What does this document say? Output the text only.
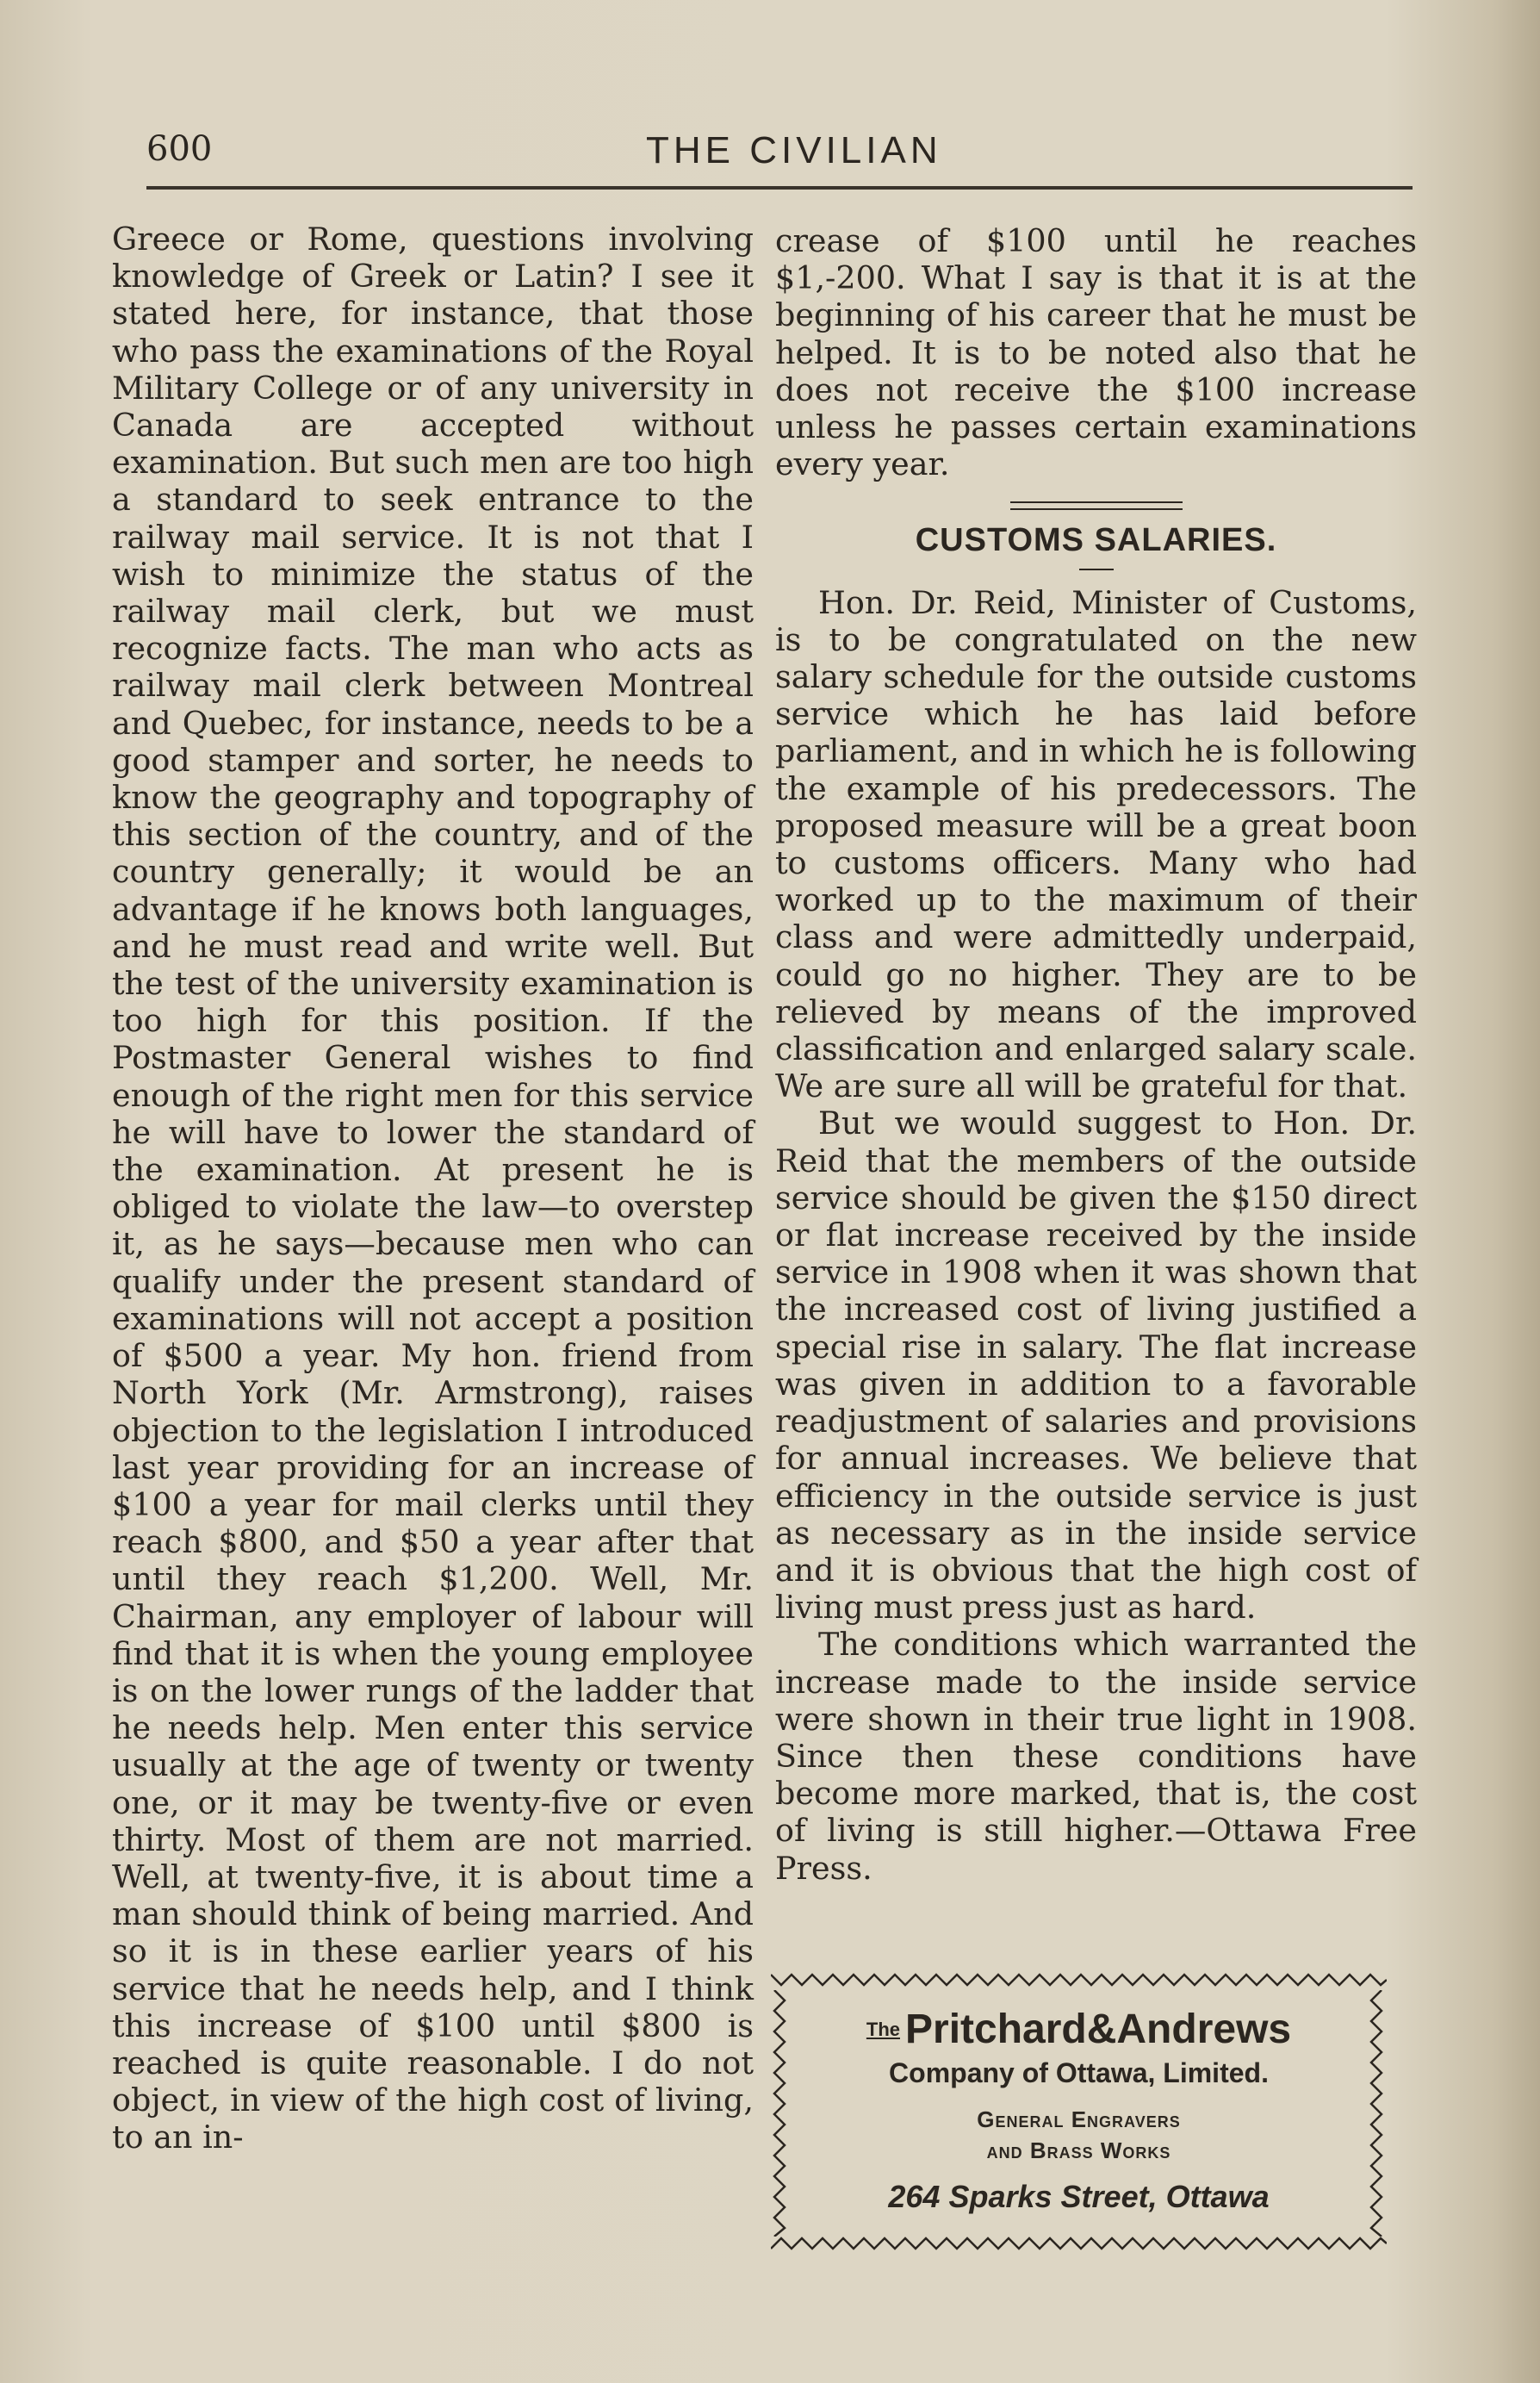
600	THE CIVILIAN

Greece or Rome, questions involving knowledge of Greek or Latin? I see it stated here, for instance, that those who pass the examinations of the Royal Military College or of any university in Canada are accepted without examination. But such men are too high a standard to seek entrance to the railway mail service. It is not that I wish to minimize the status of the railway mail clerk, but we must recognize facts. The man who acts as railway mail clerk between Montreal and Quebec, for instance, needs to be a good stamper and sorter, he needs to know the geography and topography of this section of the country, and of the country generally; it would be an advantage if he knows both languages, and he must read and write well. But the test of the university examination is too high for this position. If the Postmaster General wishes to find enough of the right men for this service he will have to lower the standard of the examination. At present he is obliged to violate the law—to overstep it, as he says—because men who can qualify under the present standard of examinations will not accept a position of $500 a year. My hon. friend from North York (Mr. Armstrong), raises objection to the legislation I introduced last year providing for an increase of $100 a year for mail clerks until they reach $800, and $50 a year after that until they reach $1,200. Well, Mr. Chairman, any employer of labour will find that it is when the young employee is on the lower rungs of the ladder that he needs help. Men enter this service usually at the age of twenty or twenty one, or it may be twenty-five or even thirty. Most of them are not married. Well, at twenty-five, it is about time a man should think of being married. And so it is in these earlier years of his service that he needs help, and I think this increase of $100 until $800 is reached is quite reasonable. I do not object, in view of the high cost of living, to an in-

crease of $100 until he reaches $1,-200. What I say is that it is at the beginning of his career that he must be helped. It is to be noted also that he does not receive the $100 increase unless he passes certain examinations every year.

CUSTOMS SALARIES.

Hon. Dr. Reid, Minister of Customs, is to be congratulated on the new salary schedule for the outside customs service which he has laid before parliament, and in which he is following the example of his predecessors. The proposed measure will be a great boon to customs officers. Many who had worked up to the maximum of their class and were admittedly underpaid, could go no higher. They are to be relieved by means of the improved classification and enlarged salary scale. We are sure all will be grateful for that.

But we would suggest to Hon. Dr. Reid that the members of the outside service should be given the $150 direct or flat increase received by the inside service in 1908 when it was shown that the increased cost of living justified a special rise in salary. The flat increase was given in addition to a favorable readjustment of salaries and provisions for annual increases. We believe that efficiency in the outside service is just as necessary as in the inside service and it is obvious that the high cost of living must press just as hard.

The conditions which warranted the increase made to the inside service were shown in their true light in 1908. Since then these conditions have become more marked, that is, the cost of living is still higher.—Ottawa Free Press.

$^{The}$ Pritchard&Andrews
Company of Ottawa, Limited.
General Engravers
and Brass Works
264 Sparks Street, Ottawa
